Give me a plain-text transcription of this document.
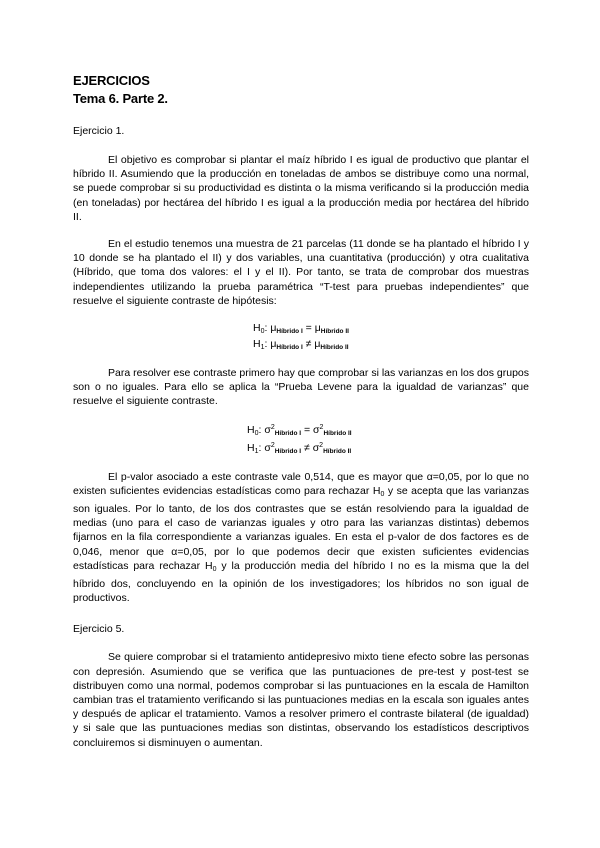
EJERCICIOS
Tema 6. Parte 2.
Ejercicio 1.

El objetivo es comprobar si plantar el maíz híbrido I es igual de productivo que plantar el híbrido II. Asumiendo que la producción en toneladas de ambos se distribuye como una normal, se puede comprobar si su productividad es distinta o la misma verificando si la producción media (en toneladas) por hectárea del híbrido I es igual a la producción media por hectárea del híbrido II.

En el estudio tenemos una muestra de 21 parcelas (11 donde se ha plantado el híbrido I y 10 donde se ha plantado el II) y dos variables, una cuantitativa (producción) y otra cualitativa (Híbrido, que toma dos valores: el I y el II). Por tanto, se trata de comprobar dos muestras independientes utilizando la prueba paramétrica “T-test para pruebas independientes” que resuelve el siguiente contraste de hipótesis:

$H_0$: $\mu_{Híbrido I} = \mu_{Híbrido II}$
$H_1$: $\mu_{Híbrido I} \ne \mu_{Híbrido II}$

Para resolver ese contraste primero hay que comprobar si las varianzas en los dos grupos son o no iguales. Para ello se aplica la “Prueba Levene para la igualdad de varianzas” que resuelve el siguiente contraste.

$H_0$: $\sigma^2_{Híbrido I} = \sigma^2_{Híbrido II}$
$H_1$: $\sigma^2_{Híbrido I} \ne \sigma^2_{Híbrido II}$

El p-valor asociado a este contraste vale 0,514, que es mayor que α=0,05, por lo que no existen suficientes evidencias estadísticas como para rechazar $H_0$ y se acepta que las varianzas son iguales. Por lo tanto, de los dos contrastes que se están resolviendo para la igualdad de medias (uno para el caso de varianzas iguales y otro para las varianzas distintas) debemos fijarnos en la fila correspondiente a varianzas iguales. En esta el p-valor de dos factores es de 0,046, menor que α=0,05, por lo que podemos decir que existen suficientes evidencias estadísticas para rechazar $H_0$ y la producción media del híbrido I no es la misma que la del híbrido dos, concluyendo en la opinión de los investigadores; los híbridos no son igual de productivos.

Ejercicio 5.

Se quiere comprobar si el tratamiento antidepresivo mixto tiene efecto sobre las personas con depresión. Asumiendo que se verifica que las puntuaciones de pre-test y post-test se distribuyen como una normal, podemos comprobar si las puntuaciones en la escala de Hamilton cambian tras el tratamiento verificando si las puntuaciones medias en la escala son iguales antes y después de aplicar el tratamiento. Vamos a resolver primero el contraste bilateral (de igualdad) y si sale que las puntuaciones medias son distintas, observando los estadísticos descriptivos concluiremos si disminuyen o aumentan.
